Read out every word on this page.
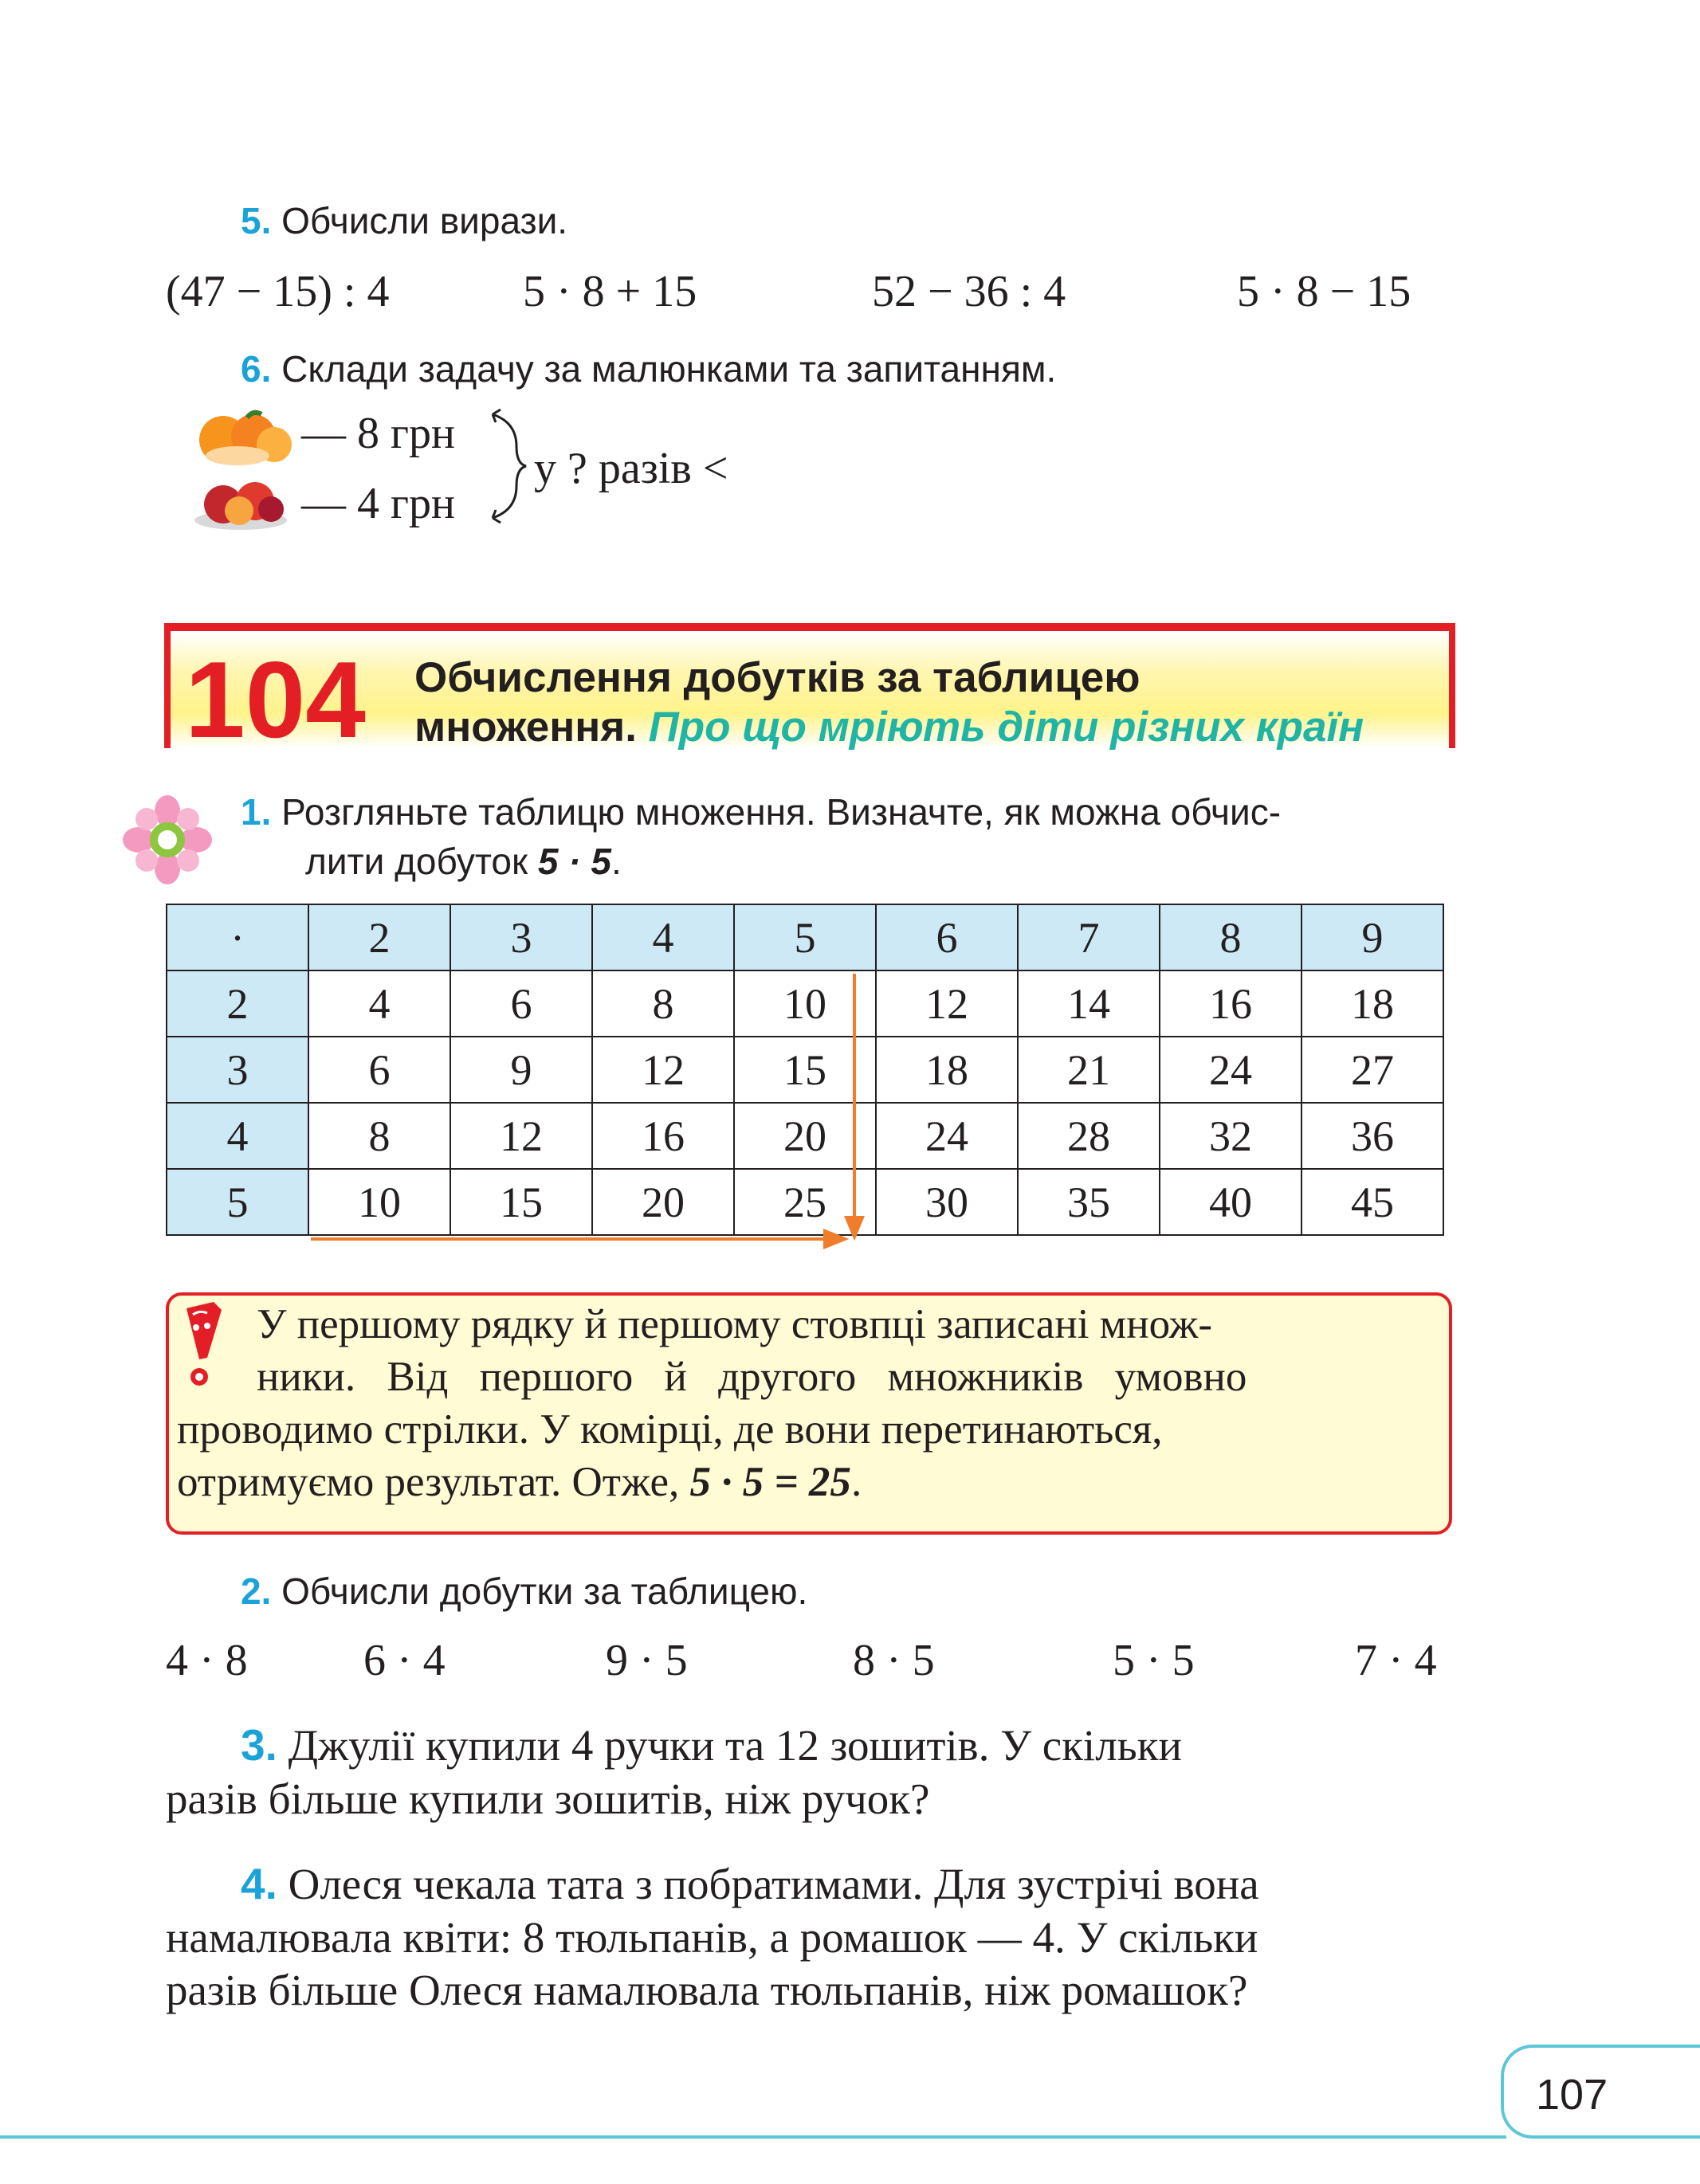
5. Обчисли вирази.
(47 − 15) : 4	5 · 8 + 15	52 − 36 : 4	5 · 8 − 15
6. Склади задачу за малюнками та запитанням.
— 8 грн
— 4 грн
у ? разів <
104 Обчислення добутків за таблицею
множення. Про що мріють діти різних країн
1. Розгляньте таблицю множення. Визначте, як можна обчис-
лити добуток 5 · 5.
·	2	3	4	5	6	7	8	9
2	4	6	8	10	12	14	16	18
3	6	9	12	15	18	21	24	27
4	8	12	16	20	24	28	32	36
5	10	15	20	25	30	35	40	45
У першому рядку й першому стовпці записані множ-
ники. Від першого й другого множників умовно
проводимо стрілки. У комірці, де вони перетинаються,
отримуємо результат. Отже, 5 · 5 = 25.
2. Обчисли добутки за таблицею.
4 · 8	6 · 4	9 · 5	8 · 5	5 · 5	7 · 4
3. Джулії купили 4 ручки та 12 зошитів. У скільки
разів більше купили зошитів, ніж ручок?
4. Олеся чекала тата з побратимами. Для зустрічі вона
намалювала квіти: 8 тюльпанів, а ромашок — 4. У скільки
разів більше Олеся намалювала тюльпанів, ніж ромашок?
107
